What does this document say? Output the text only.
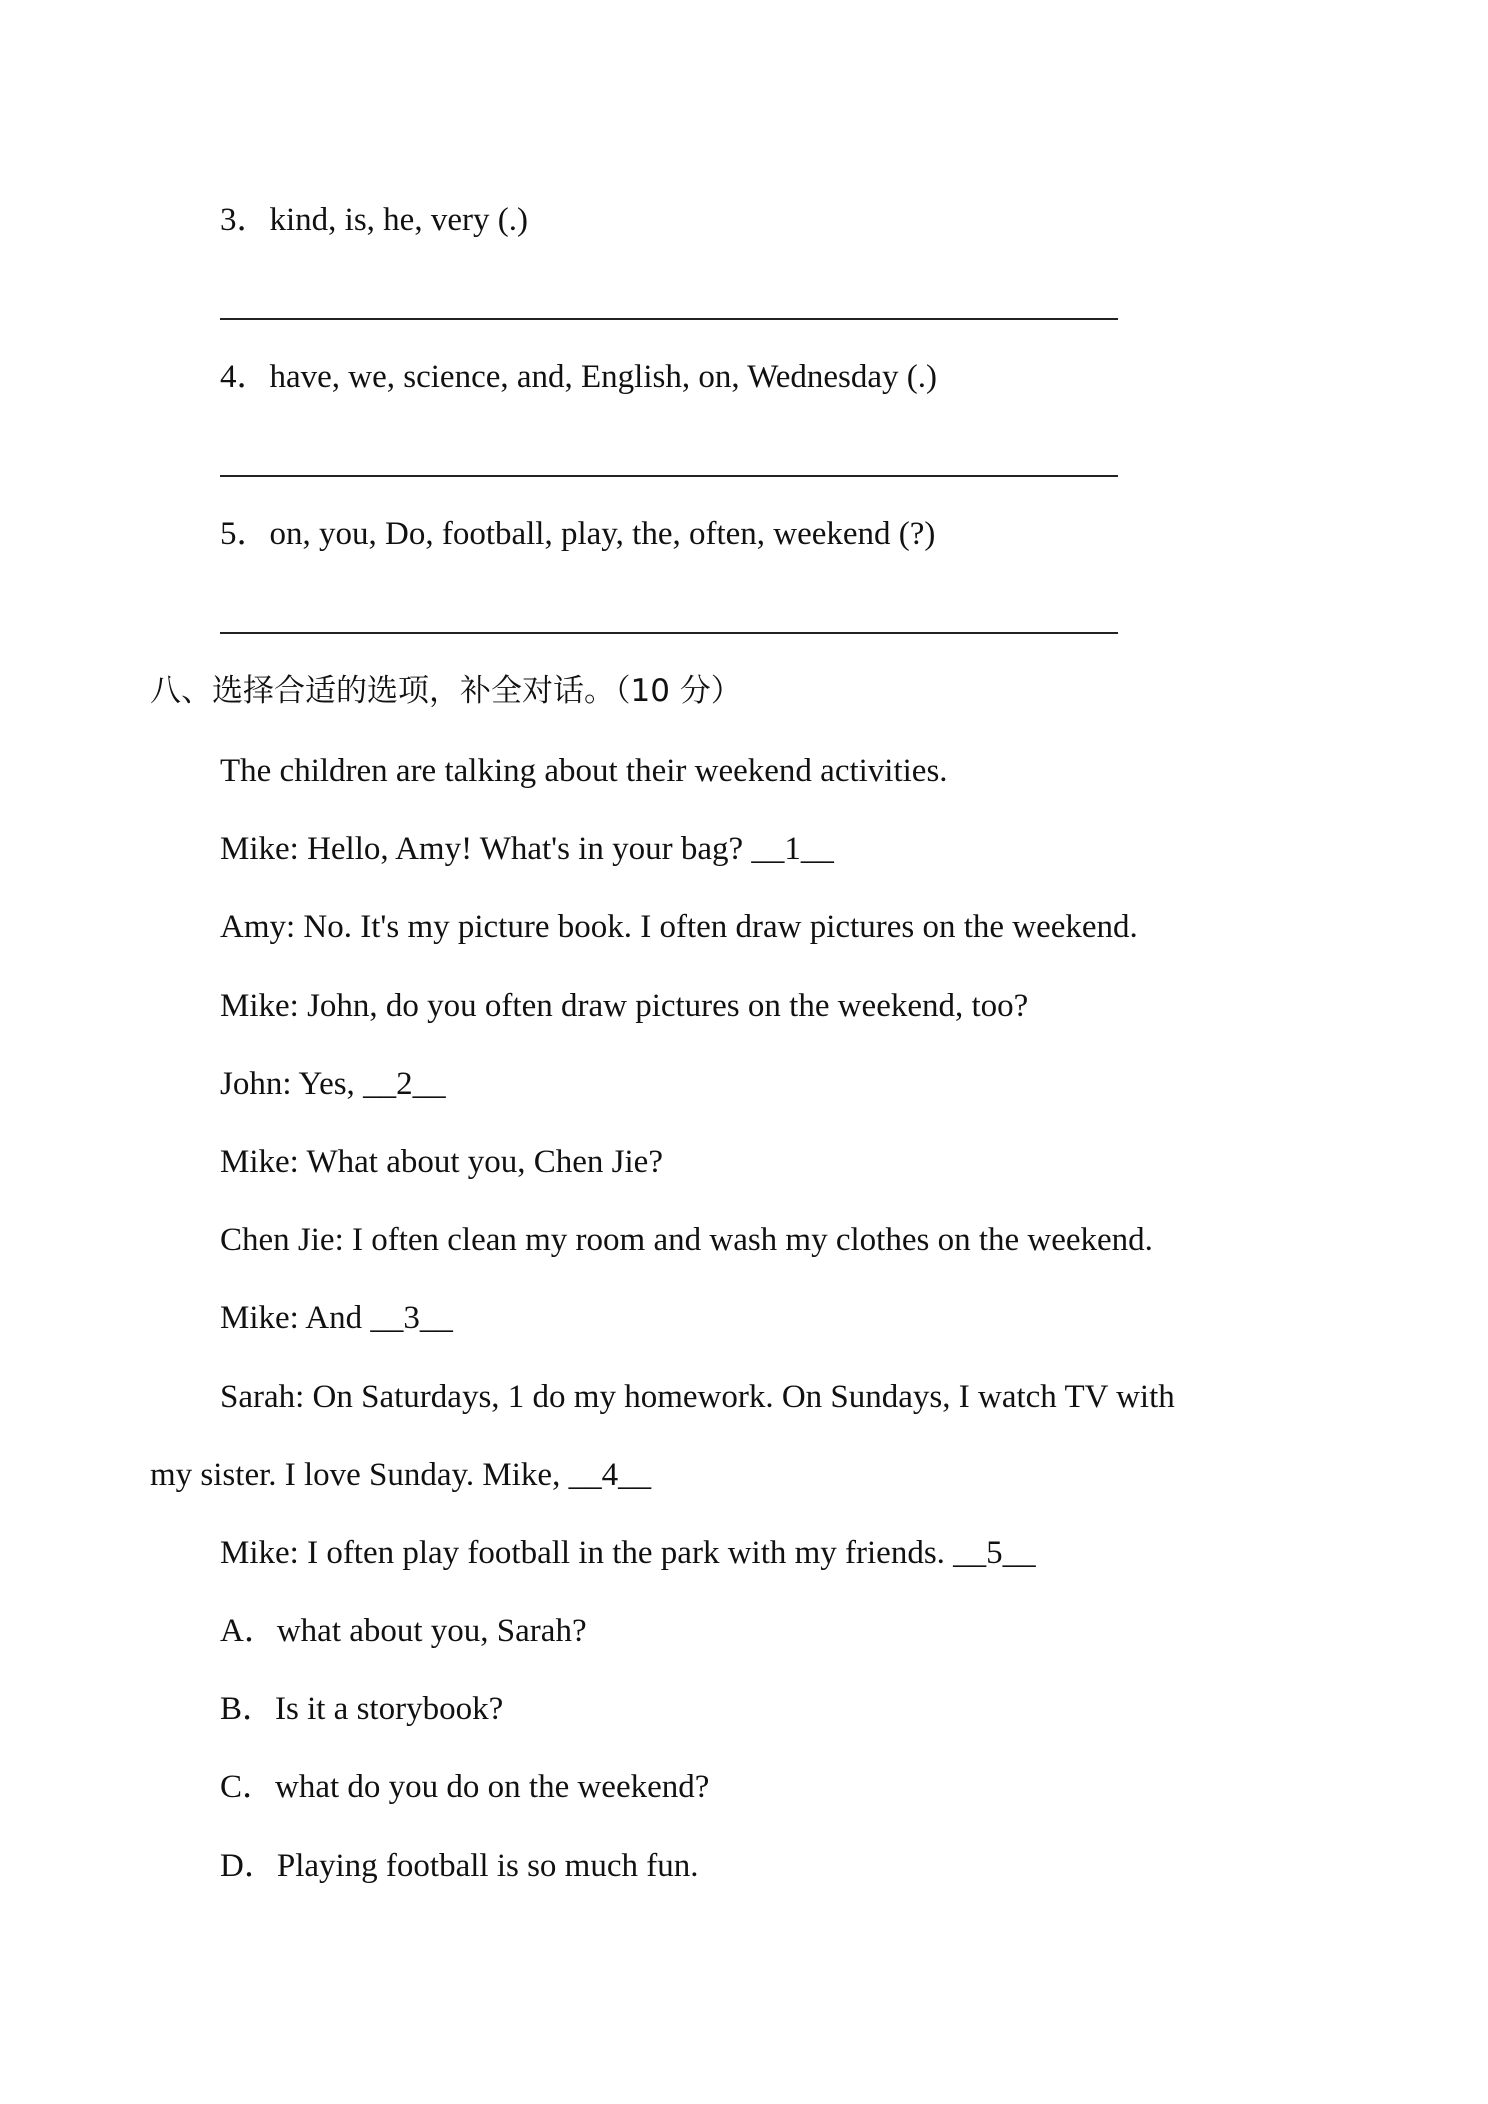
3．kind, is, he, very (.)
4．have, we, science, and, English, on, Wednesday (.)
5．on, you, Do, football, play, the, often, weekend (?)
八、选择合适的选项，补全对话。（10 分）
The children are talking about their weekend activities.
Mike: Hello, Amy! What's in your bag? __1__
Amy: No. It's my picture book. I often draw pictures on the weekend.
Mike: John, do you often draw pictures on the weekend, too?
John: Yes, __2__
Mike: What about you, Chen Jie?
Chen Jie: I often clean my room and wash my clothes on the weekend.
Mike: And __3__
Sarah: On Saturdays, 1 do my homework. On Sundays, I watch TV with
my sister. I love Sunday. Mike, __4__
Mike: I often play football in the park with my friends. __5__
A．what about you, Sarah?
B．Is it a storybook?
C．what do you do on the weekend?
D．Playing football is so much fun.
